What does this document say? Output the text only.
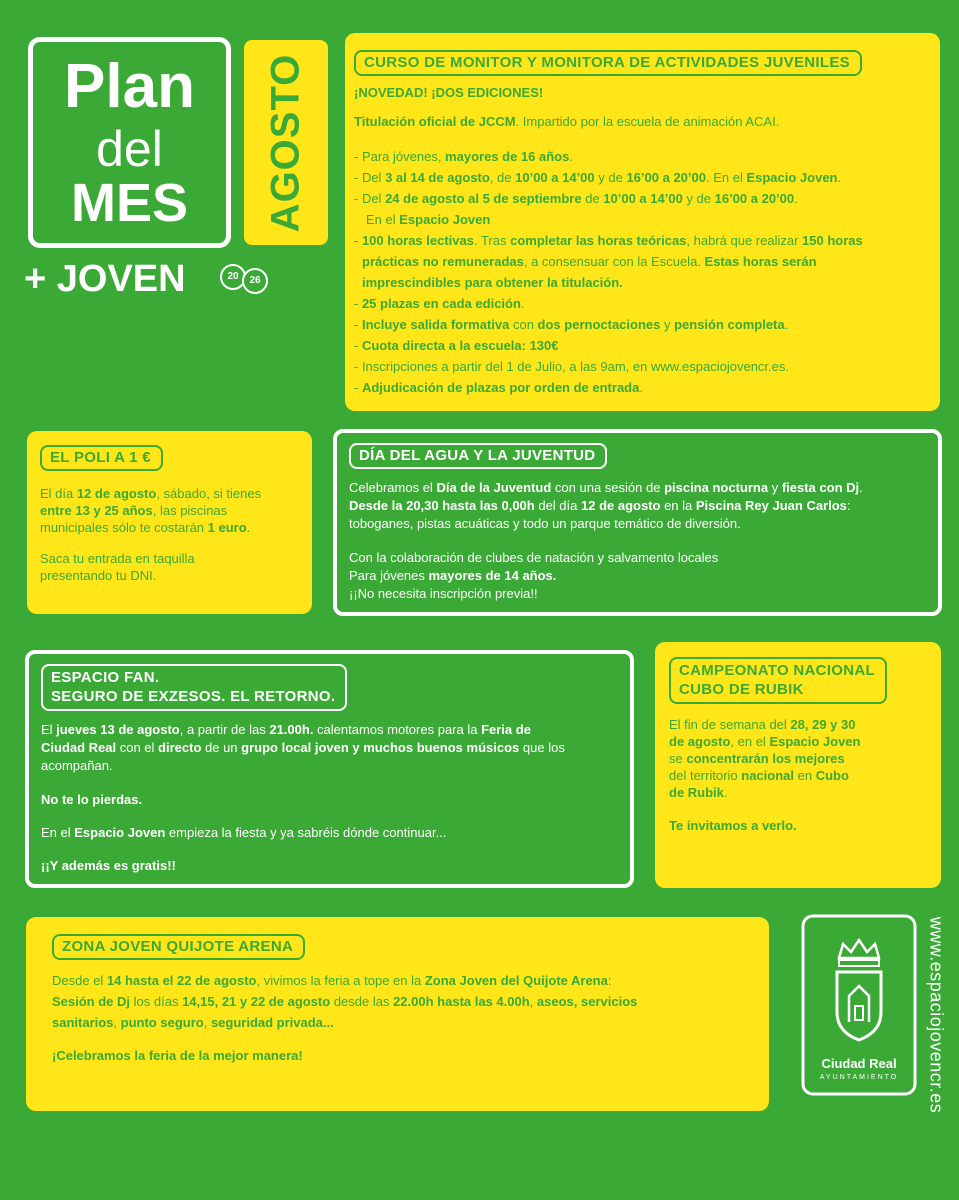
Plan
del
MES	AGOSTO
+ JOVEN	20	26
CURSO DE MONITOR Y MONITORA DE ACTIVIDADES JUVENILES

¡NOVEDAD! ¡DOS EDICIONES!

Titulación oficial de JCCM. Impartido por la escuela de animación ACAI.

- Para jóvenes, mayores de 16 años.

- Del 3 al 14 de agosto, de 10’00 a 14’00 y de 16’00 a 20’00. En el Espacio Joven.

- Del 24 de agosto al 5 de septiembre de 10’00 a 14’00 y de 16’00 a 20’00.

En el Espacio Joven

- 100 horas lectivas. Tras completar las horas teóricas, habrá que realizar 150 horas

prácticas no remuneradas, a consensuar con la Escuela. Estas horas serán

imprescindibles para obtener la titulación.

- 25 plazas en cada edición.

- Incluye salida formativa con dos pernoctaciones y pensión completa.

- Cuota directa a la escuela: 130€

- Inscripciones a partir del 1 de Julio, a las 9am, en www.espaciojovencr.es.

- Adjudicación de plazas por orden de entrada.

EL POLI A 1 €

El día 12 de agosto, sábado, si tienes
entre 13 y 25 años, las piscinas
municipales sólo te costarán 1 euro.

Saca tu entrada en taquilla
presentando tu DNI.

DÍA DEL AGUA Y LA JUVENTUD

Celebramos el Día de la Juventud con una sesión de piscina nocturna y fiesta con Dj.
Desde la 20,30 hasta las 0,00h del día 12 de agosto en la Piscina Rey Juan Carlos:
toboganes, pistas acuáticas y todo un parque temático de diversión.

Con la colaboración de clubes de natación y salvamento locales

Para jóvenes mayores de 14 años.

¡¡No necesita inscripción previa!!

ESPACIO FAN.
SEGURO DE EXZESOS. EL RETORNO.

El jueves 13 de agosto, a partir de las 21.00h. calentamos motores para la Feria de
Ciudad Real con el directo de un grupo local joven y muchos buenos músicos que los
acompañan.

No te lo pierdas.

En el Espacio Joven empieza la fiesta y ya sabréis dónde continuar...

¡¡Y además es gratis!!

CAMPEONATO NACIONAL
CUBO DE RUBIK

El fin de semana del 28, 29 y 30
de agosto, en el Espacio Joven
se concentrarán los mejores
del territorio nacional en Cubo
de Rubik.

Te invitamos a verlo.

ZONA JOVEN QUIJOTE ARENA

Desde el 14 hasta el 22 de agosto, vivimos la feria a tope en la Zona Joven del Quijote Arena:
Sesión de Dj los días 14,15, 21 y 22 de agosto desde las 22.00h hasta las 4.00h, aseos, servicios
sanitarios, punto seguro, seguridad privada...

¡Celebramos la feria de la mejor manera!

Ciudad Real
AYUNTAMIENTO	www.espaciojovencr.es
